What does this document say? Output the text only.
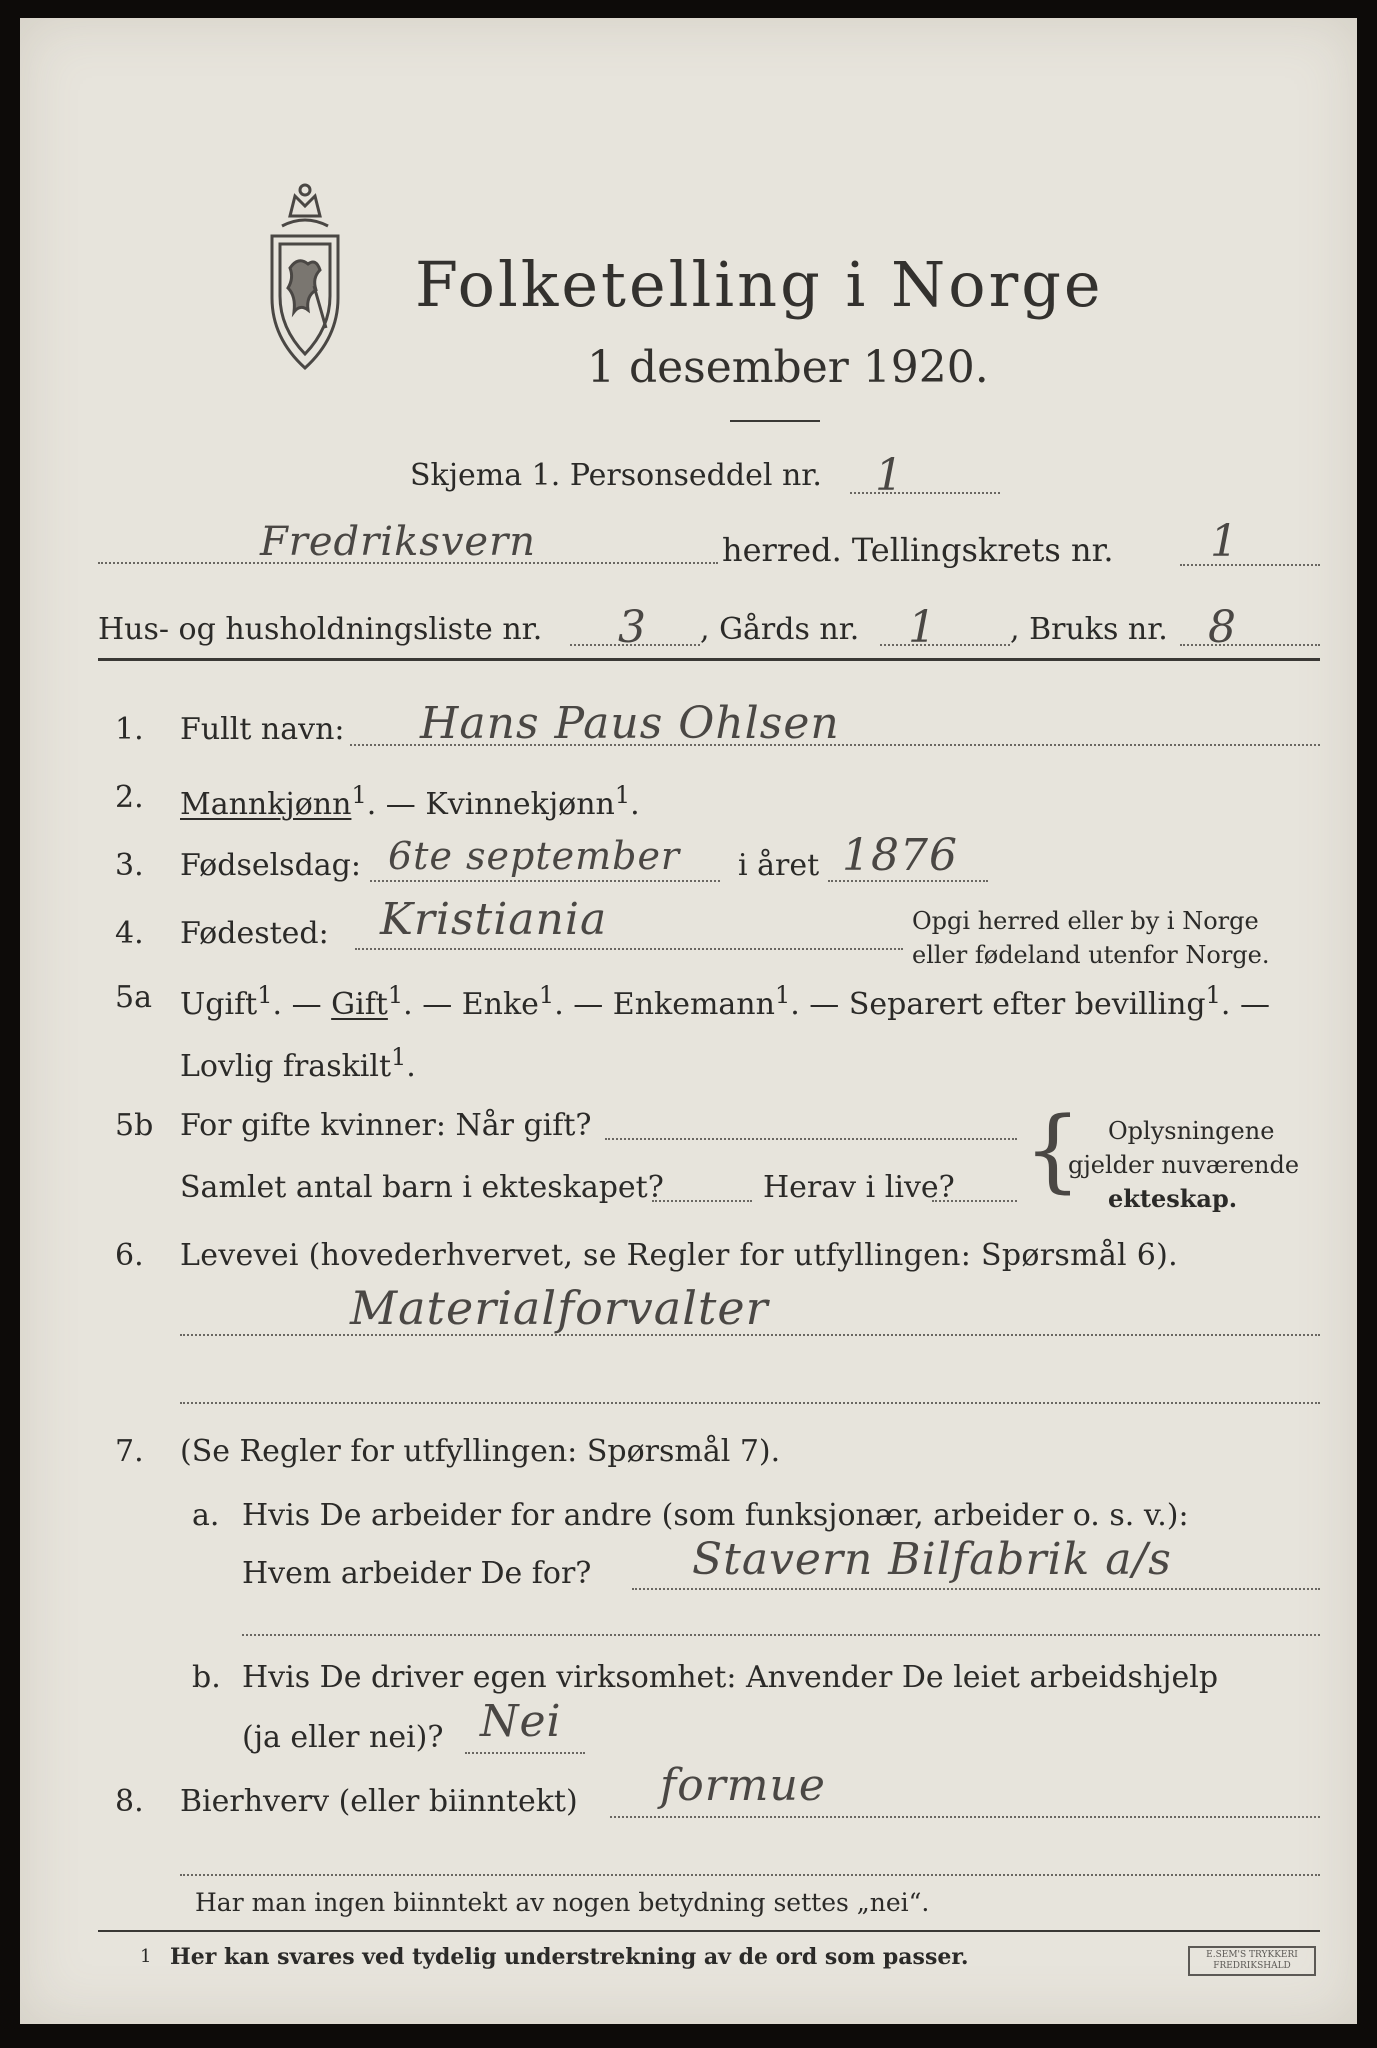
Folketelling i Norge
1 desember 1920.
Skjema 1. Personseddel nr. 1
Fredriksvern	herred. Tellingskrets nr. 1
Hus- og husholdningsliste nr. 3 , Gårds nr. 1 , Bruks nr. 8
1. Fullt navn: Hans Paus Ohlsen
2. Mannkjønn$^1$. — Kvinnekjønn$^1$.
3. Fødselsdag: 6te september i året 1876
4. Fødested: Kristiania	Opgi herred eller by i Norge
eller fødeland utenfor Norge.
5a Ugift$^1$. — Gift$^1$. — Enke$^1$. — Enkemann$^1$. — Separert efter bevilling$^1$. —
Lovlig fraskilt$^1$.
5b For gifte kvinner: Når gift?
Samlet antal barn i ekteskapet?	Herav i live? { Oplysningene
gjelder nuværende
ekteskap.
6. Levevei (hovederhvervet, se Regler for utfyllingen: Spørsmål 6).
Materialforvalter
7. (Se Regler for utfyllingen: Spørsmål 7).
a. Hvis De arbeider for andre (som funksjonær, arbeider o. s. v.):
Hvem arbeider De for? Stavern Bilfabrik a/s
b. Hvis De driver egen virksomhet: Anvender De leiet arbeidshjelp
(ja eller nei)? Nei
8. Bierhverv (eller biinntekt) formue
Har man ingen biinntekt av nogen betydning settes „nei“.
1 Her kan svares ved tydelig understrekning av de ord som passer.	E.SEM'S TRYKKERI FREDRIKSHALD
